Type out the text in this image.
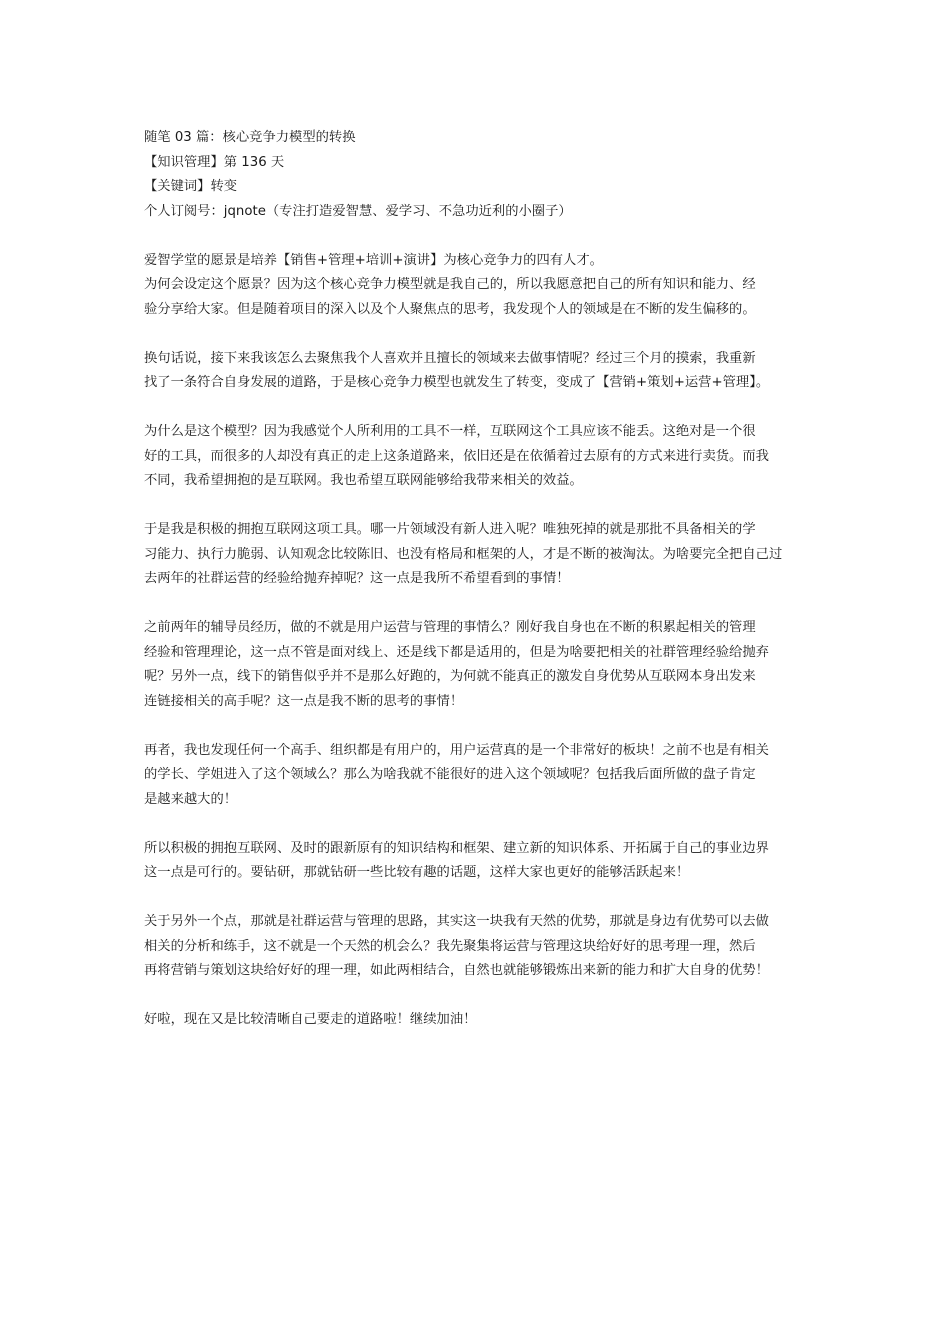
随笔 03 篇：核心竞争力模型的转换
【知识管理】第 136 天
【关键词】转变
个人订阅号：jqnote（专注打造爱智慧、爱学习、不急功近利的小圈子）
爱智学堂的愿景是培养【销售+管理+培训+演讲】为核心竞争力的四有人才。
为何会设定这个愿景？因为这个核心竞争力模型就是我自己的，所以我愿意把自己的所有知识和能力、经
验分享给大家。但是随着项目的深入以及个人聚焦点的思考，我发现个人的领域是在不断的发生偏移的。
换句话说，接下来我该怎么去聚焦我个人喜欢并且擅长的领域来去做事情呢？经过三个月的摸索，我重新
找了一条符合自身发展的道路，于是核心竞争力模型也就发生了转变，变成了【营销+策划+运营+管理】。
为什么是这个模型？因为我感觉个人所利用的工具不一样，互联网这个工具应该不能丢。这绝对是一个很
好的工具，而很多的人却没有真正的走上这条道路来，依旧还是在依循着过去原有的方式来进行卖货。而我
不同，我希望拥抱的是互联网。我也希望互联网能够给我带来相关的效益。
于是我是积极的拥抱互联网这项工具。哪一片领域没有新人进入呢？唯独死掉的就是那批不具备相关的学
习能力、执行力脆弱、认知观念比较陈旧、也没有格局和框架的人，才是不断的被淘汰。为啥要完全把自己过
去两年的社群运营的经验给抛弃掉呢？这一点是我所不希望看到的事情！
之前两年的辅导员经历，做的不就是用户运营与管理的事情么？刚好我自身也在不断的积累起相关的管理
经验和管理理论，这一点不管是面对线上、还是线下都是适用的，但是为啥要把相关的社群管理经验给抛弃
呢？另外一点，线下的销售似乎并不是那么好跑的，为何就不能真正的激发自身优势从互联网本身出发来
连链接相关的高手呢？这一点是我不断的思考的事情！
再者，我也发现任何一个高手、组织都是有用户的，用户运营真的是一个非常好的板块！之前不也是有相关
的学长、学姐进入了这个领域么？那么为啥我就不能很好的进入这个领域呢？包括我后面所做的盘子肯定
是越来越大的！
所以积极的拥抱互联网、及时的跟新原有的知识结构和框架、建立新的知识体系、开拓属于自己的事业边界
这一点是可行的。要钻研，那就钻研一些比较有趣的话题，这样大家也更好的能够活跃起来！
关于另外一个点，那就是社群运营与管理的思路，其实这一块我有天然的优势，那就是身边有优势可以去做
相关的分析和练手，这不就是一个天然的机会么？我先聚集将运营与管理这块给好好的思考理一理，然后
再将营销与策划这块给好好的理一理，如此两相结合，自然也就能够锻炼出来新的能力和扩大自身的优势！
好啦，现在又是比较清晰自己要走的道路啦！继续加油！
